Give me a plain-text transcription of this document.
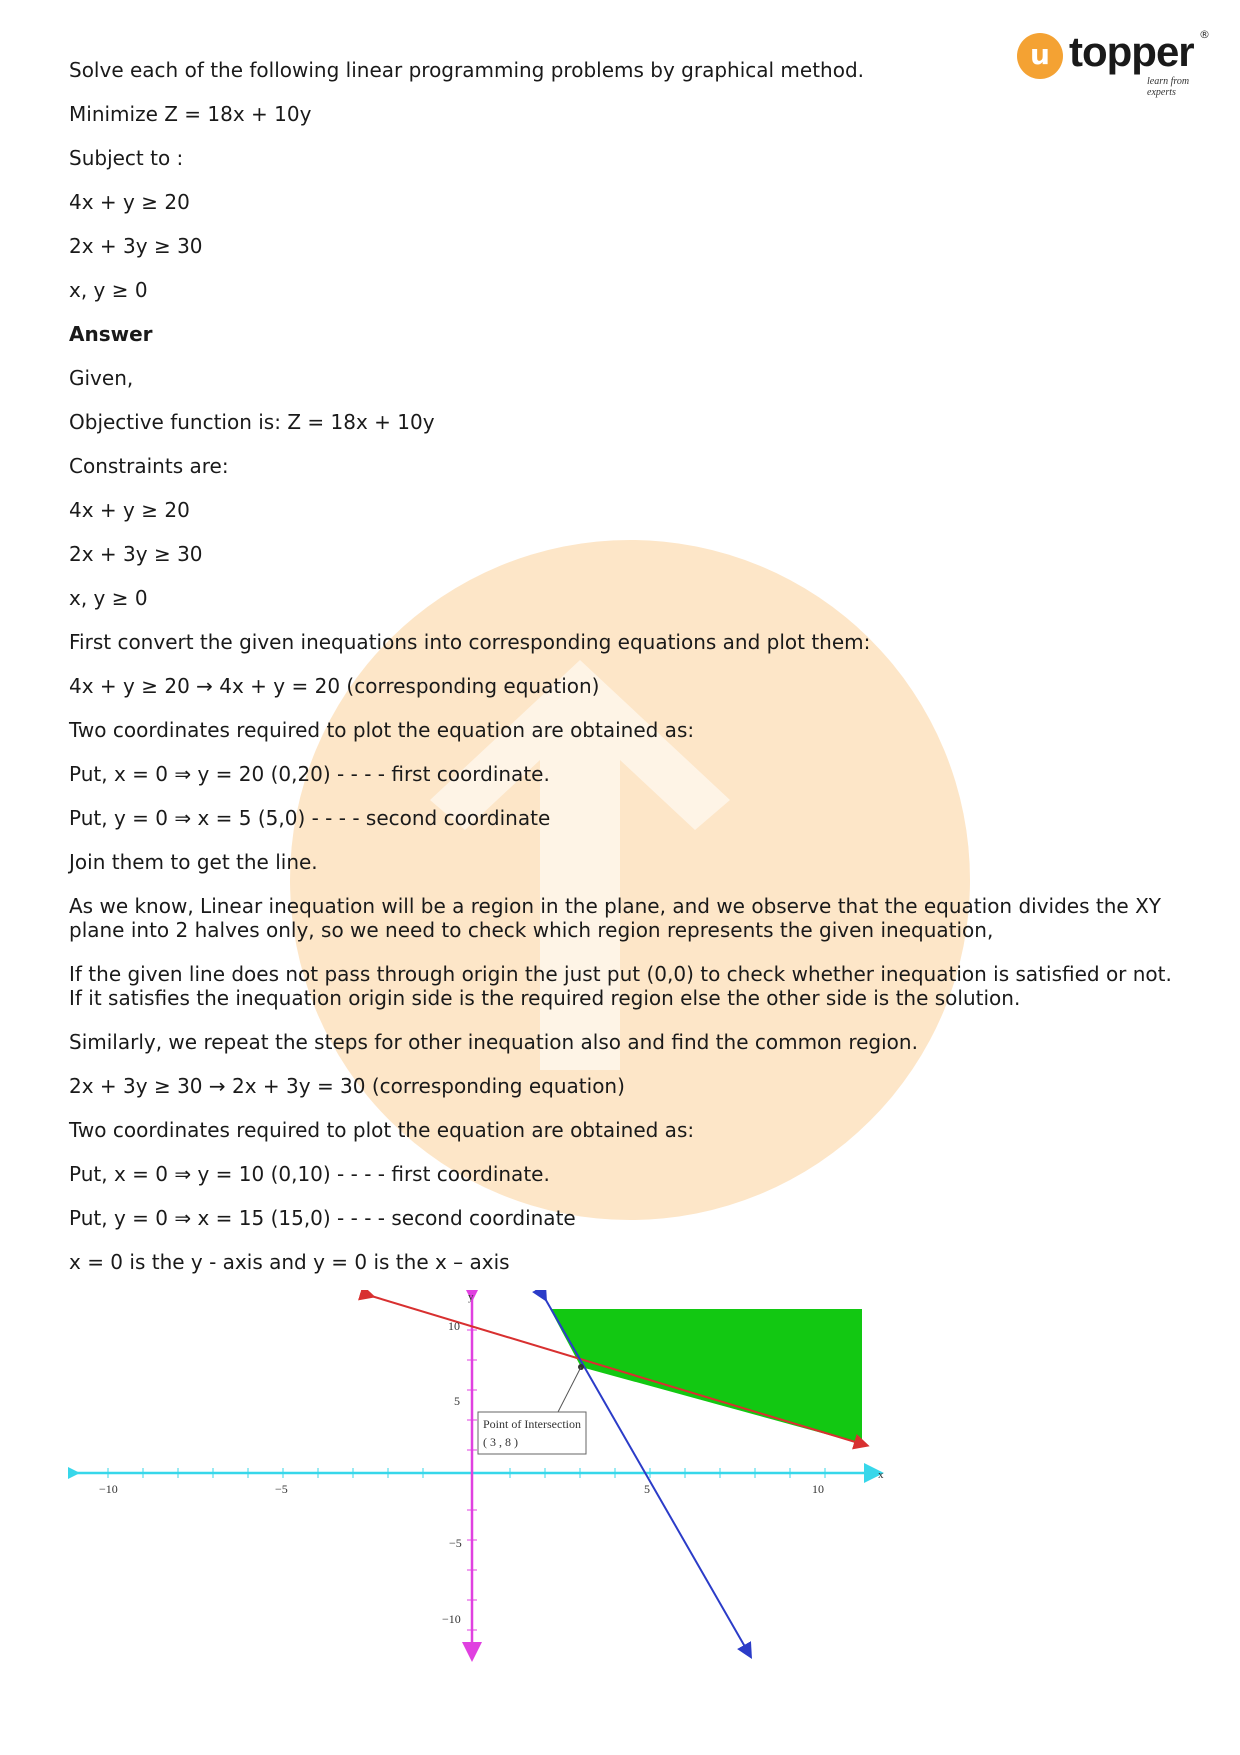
u topper
learn from experts
®

Solve each of the following linear programming problems by graphical method.

Minimize Z = 18x + 10y

Subject to :

4x + y ≥ 20

2x + 3y ≥ 30

x, y ≥ 0

Answer

Given,

Objective function is: Z = 18x + 10y

Constraints are:

4x + y ≥ 20

2x + 3y ≥ 30

x, y ≥ 0

First convert the given inequations into corresponding equations and plot them:

4x + y ≥ 20 → 4x + y = 20 (corresponding equation)

Two coordinates required to plot the equation are obtained as:

Put, x = 0 ⇒ y = 20 (0,20) - - - - first coordinate.

Put, y = 0 ⇒ x = 5 (5,0) - - - - second coordinate

Join them to get the line.

As we know, Linear inequation will be a region in the plane, and we observe that the equation divides the XY
plane into 2 halves only, so we need to check which region represents the given inequation,

If the given line does not pass through origin the just put (0,0) to check whether inequation is satisfied or not.
If it satisfies the inequation origin side is the required region else the other side is the solution.

Similarly, we repeat the steps for other inequation also and find the common region.

2x + 3y ≥ 30 → 2x + 3y = 30 (corresponding equation)

Two coordinates required to plot the equation are obtained as:

Put, x = 0 ⇒ y = 10 (0,10) - - - - first coordinate.

Put, y = 0 ⇒ x = 15 (15,0) - - - - second coordinate

x = 0 is the y - axis and y = 0 is the x – axis

Point of Intersection
( 3 , 8 )
x
y
−10	−5	5	10
10
5
−5
−10
